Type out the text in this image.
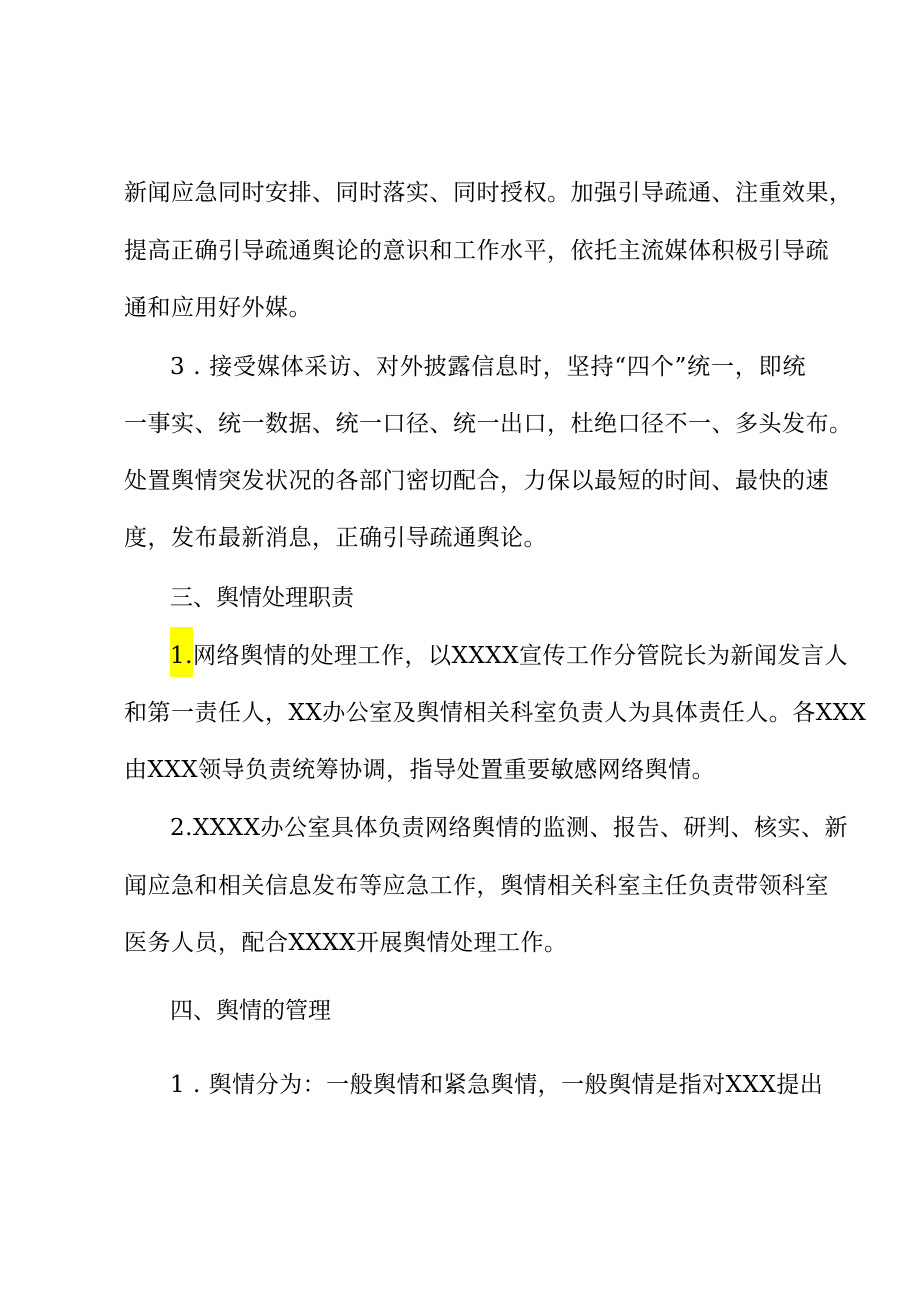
新闻应急同时安排、同时落实、同时授权。加强引导疏通、注重效果，
提高正确引导疏通舆论的意识和工作水平，依托主流媒体积极引导疏
通和应用好外媒。
3 . 接受媒体采访、对外披露信息时，坚持“四个”统一，即统
一事实、统一数据、统一口径、统一出口，杜绝口径不一、多头发布。
处置舆情突发状况的各部门密切配合，力保以最短的时间、最快的速
度，发布最新消息，正确引导疏通舆论。
三、舆情处理职责
1.网络舆情的处理工作，以XXXX宣传工作分管院长为新闻发言人
和第一责任人，XX办公室及舆情相关科室负责人为具体责任人。各XXX
由XXX领导负责统筹协调，指导处置重要敏感网络舆情。
2.XXXX办公室具体负责网络舆情的监测、报告、研判、核实、新
闻应急和相关信息发布等应急工作，舆情相关科室主任负责带领科室
医务人员，配合XXXX开展舆情处理工作。
四、舆情的管理
1 . 舆情分为：一般舆情和紧急舆情，一般舆情是指对XXX提出
